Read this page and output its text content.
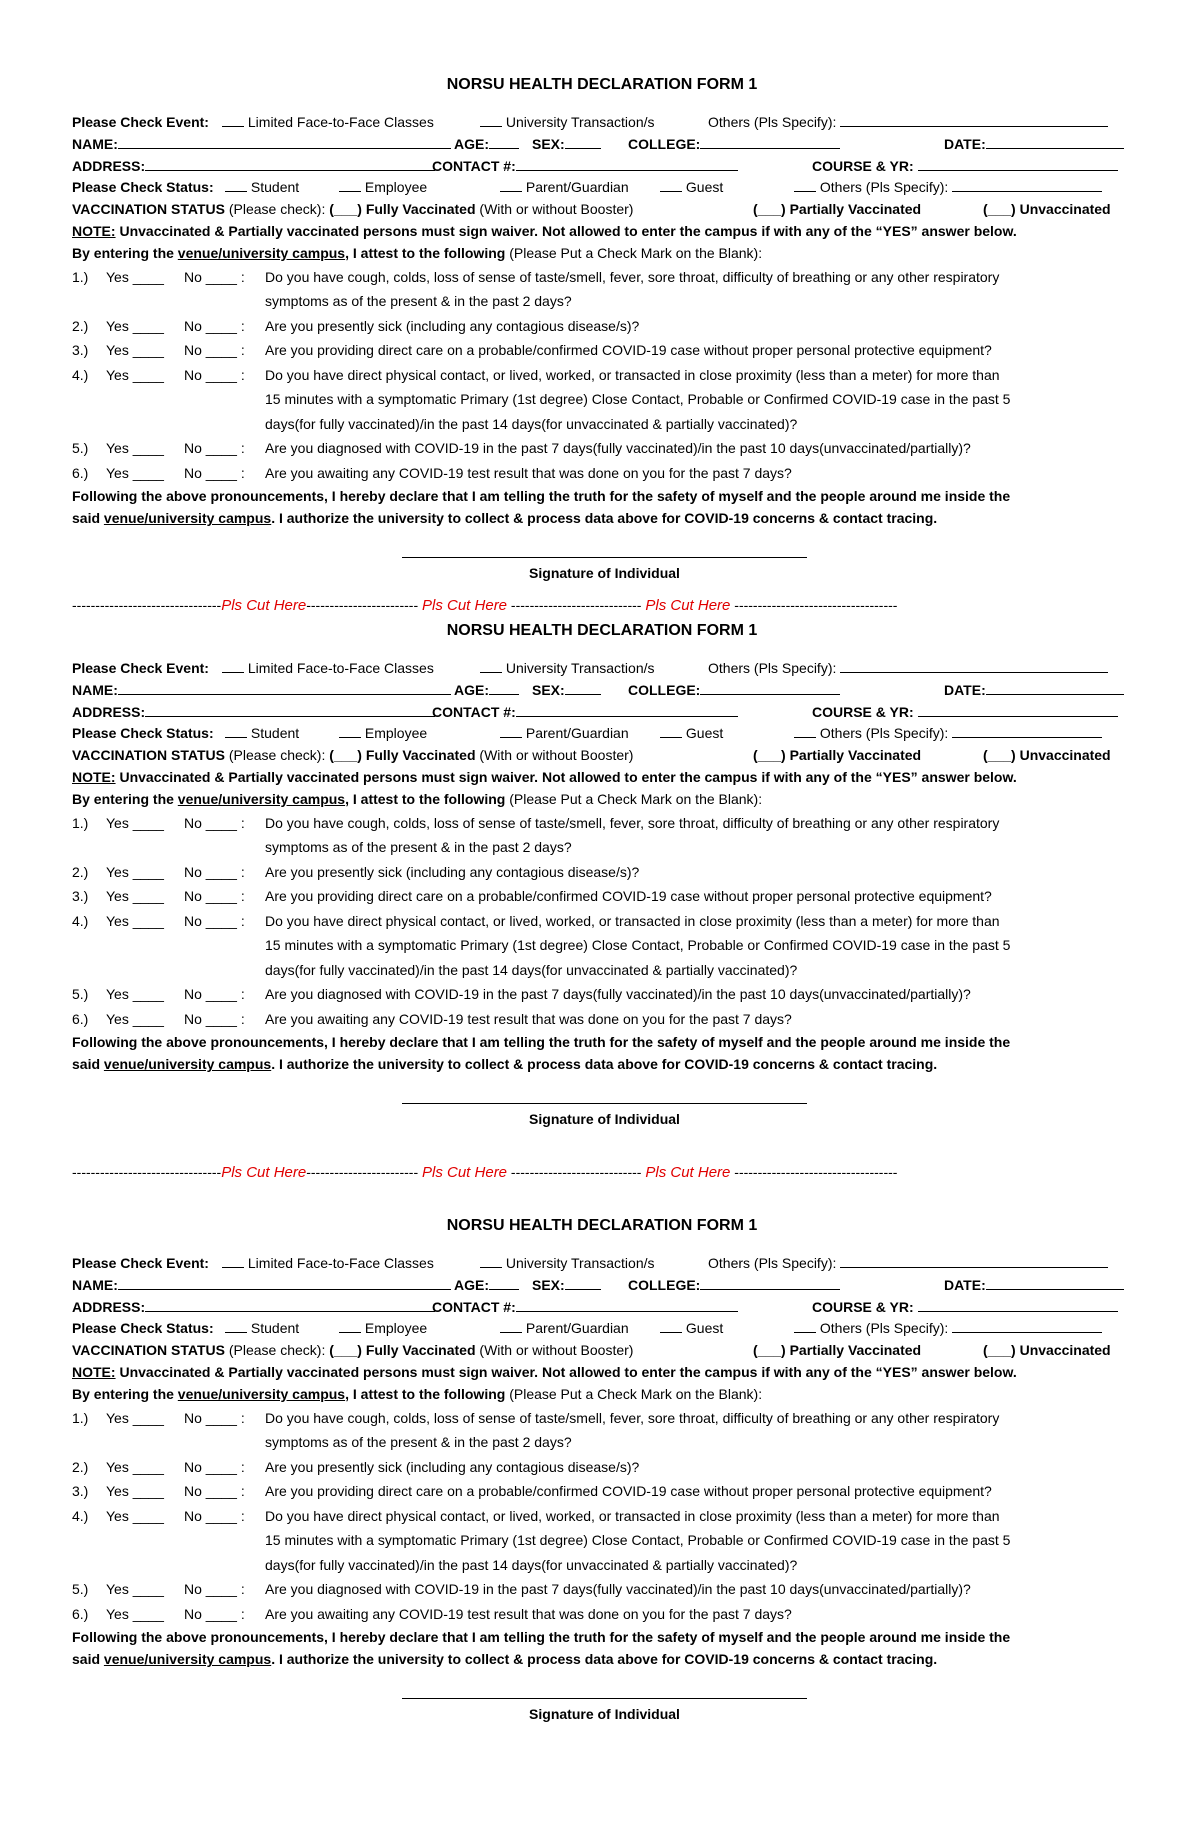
NORSU HEALTH DECLARATION FORM 1
Please Check Event:	Limited Face-to-Face Classes	University Transaction/s	Others (Pls Specify):
NAME:	AGE:	SEX:	COLLEGE:	DATE:
ADDRESS:	CONTACT #:	COURSE & YR:
Please Check Status:	Student	Employee	Parent/Guardian	Guest	Others (Pls Specify):
VACCINATION STATUS (Please check): (___) Fully Vaccinated (With or without Booster)	(___) Partially Vaccinated	(___) Unvaccinated
NOTE: Unvaccinated & Partially vaccinated persons must sign waiver. Not allowed to enter the campus if with any of the “YES” answer below.
By entering the venue/university campus, I attest to the following (Please Put a Check Mark on the Blank):
1.) Yes ____ No ____ : Do you have cough, colds, loss of sense of taste/smell, fever, sore throat, difficulty of breathing or any other respiratory
symptoms as of the present & in the past 2 days?
2.) Yes ____ No ____ : Are you presently sick (including any contagious disease/s)?
3.) Yes ____ No ____ : Are you providing direct care on a probable/confirmed COVID-19 case without proper personal protective equipment?
4.) Yes ____ No ____ : Do you have direct physical contact, or lived, worked, or transacted in close proximity (less than a meter) for more than
15 minutes with a symptomatic Primary (1st degree) Close Contact, Probable or Confirmed COVID-19 case in the past 5
days(for fully vaccinated)/in the past 14 days(for unvaccinated & partially vaccinated)?
5.) Yes ____ No ____ : Are you diagnosed with COVID-19 in the past 7 days(fully vaccinated)/in the past 10 days(unvaccinated/partially)?
6.) Yes ____ No ____ : Are you awaiting any COVID-19 test result that was done on you for the past 7 days?
Following the above pronouncements, I hereby declare that I am telling the truth for the safety of myself and the people around me inside the
said venue/university campus. I authorize the university to collect & process data above for COVID-19 concerns & contact tracing.
Signature of Individual
--------------------------------Pls Cut Here------------------------ Pls Cut Here ---------------------------- Pls Cut Here -----------------------------------
NORSU HEALTH DECLARATION FORM 1
Please Check Event:	Limited Face-to-Face Classes	University Transaction/s	Others (Pls Specify):
NAME:	AGE:	SEX:	COLLEGE:	DATE:
ADDRESS:	CONTACT #:	COURSE & YR:
Please Check Status:	Student	Employee	Parent/Guardian	Guest	Others (Pls Specify):
VACCINATION STATUS (Please check): (___) Fully Vaccinated (With or without Booster)	(___) Partially Vaccinated	(___) Unvaccinated
NOTE: Unvaccinated & Partially vaccinated persons must sign waiver. Not allowed to enter the campus if with any of the “YES” answer below.
By entering the venue/university campus, I attest to the following (Please Put a Check Mark on the Blank):
1.) Yes ____ No ____ : Do you have cough, colds, loss of sense of taste/smell, fever, sore throat, difficulty of breathing or any other respiratory
symptoms as of the present & in the past 2 days?
2.) Yes ____ No ____ : Are you presently sick (including any contagious disease/s)?
3.) Yes ____ No ____ : Are you providing direct care on a probable/confirmed COVID-19 case without proper personal protective equipment?
4.) Yes ____ No ____ : Do you have direct physical contact, or lived, worked, or transacted in close proximity (less than a meter) for more than
15 minutes with a symptomatic Primary (1st degree) Close Contact, Probable or Confirmed COVID-19 case in the past 5
days(for fully vaccinated)/in the past 14 days(for unvaccinated & partially vaccinated)?
5.) Yes ____ No ____ : Are you diagnosed with COVID-19 in the past 7 days(fully vaccinated)/in the past 10 days(unvaccinated/partially)?
6.) Yes ____ No ____ : Are you awaiting any COVID-19 test result that was done on you for the past 7 days?
Following the above pronouncements, I hereby declare that I am telling the truth for the safety of myself and the people around me inside the
said venue/university campus. I authorize the university to collect & process data above for COVID-19 concerns & contact tracing.
Signature of Individual
--------------------------------Pls Cut Here------------------------ Pls Cut Here ---------------------------- Pls Cut Here -----------------------------------
NORSU HEALTH DECLARATION FORM 1
Please Check Event:	Limited Face-to-Face Classes	University Transaction/s	Others (Pls Specify):
NAME:	AGE:	SEX:	COLLEGE:	DATE:
ADDRESS:	CONTACT #:	COURSE & YR:
Please Check Status:	Student	Employee	Parent/Guardian	Guest	Others (Pls Specify):
VACCINATION STATUS (Please check): (___) Fully Vaccinated (With or without Booster)	(___) Partially Vaccinated	(___) Unvaccinated
NOTE: Unvaccinated & Partially vaccinated persons must sign waiver. Not allowed to enter the campus if with any of the “YES” answer below.
By entering the venue/university campus, I attest to the following (Please Put a Check Mark on the Blank):
1.) Yes ____ No ____ : Do you have cough, colds, loss of sense of taste/smell, fever, sore throat, difficulty of breathing or any other respiratory
symptoms as of the present & in the past 2 days?
2.) Yes ____ No ____ : Are you presently sick (including any contagious disease/s)?
3.) Yes ____ No ____ : Are you providing direct care on a probable/confirmed COVID-19 case without proper personal protective equipment?
4.) Yes ____ No ____ : Do you have direct physical contact, or lived, worked, or transacted in close proximity (less than a meter) for more than
15 minutes with a symptomatic Primary (1st degree) Close Contact, Probable or Confirmed COVID-19 case in the past 5
days(for fully vaccinated)/in the past 14 days(for unvaccinated & partially vaccinated)?
5.) Yes ____ No ____ : Are you diagnosed with COVID-19 in the past 7 days(fully vaccinated)/in the past 10 days(unvaccinated/partially)?
6.) Yes ____ No ____ : Are you awaiting any COVID-19 test result that was done on you for the past 7 days?
Following the above pronouncements, I hereby declare that I am telling the truth for the safety of myself and the people around me inside the
said venue/university campus. I authorize the university to collect & process data above for COVID-19 concerns & contact tracing.
Signature of Individual
